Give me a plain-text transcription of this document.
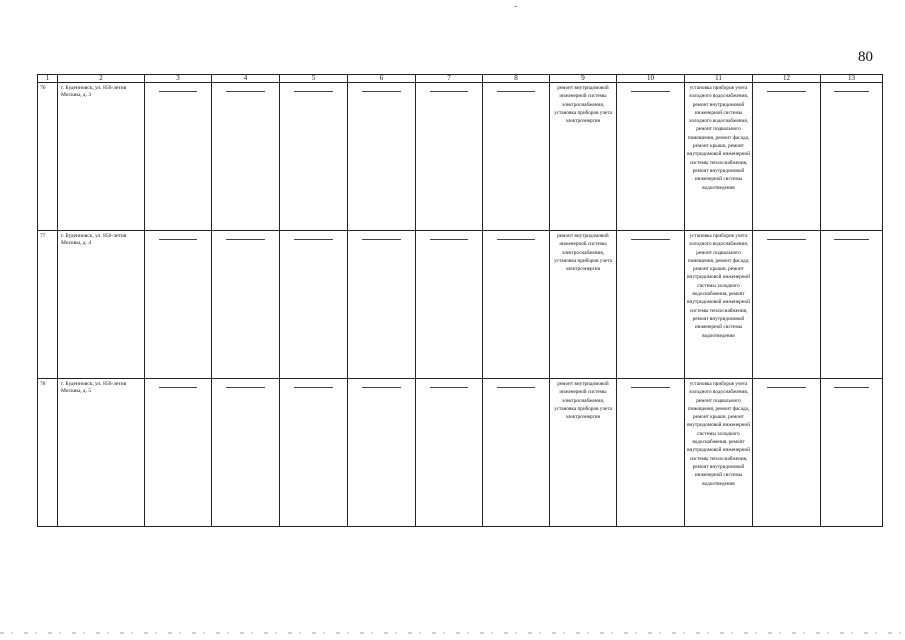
80
1	2	3	4	5	6	7	8	9	10	11	12	13
76	г. Буденновск, ул. 850-летия Москвы, д. 3							ремонт внутридомовой инженерной системы электроснабжения, установка приборов учета электроэнергии		установка приборов учета холодного водоснабжения, ремонт внутридомовой инженерной системы холодного водоснабжения, ремонт подвального помещения, ремонт фасада, ремонт крыши, ремонт внутридомовой инженерной системы теплоснабжения, ремонт внутридомовой инженерной системы водоотведения	

77	г. Буденновск, ул. 850-летия Москвы, д. 4							ремонт внутридомовой инженерной системы электроснабжения, установка приборов учета электроэнергии		установка приборов учета холодного водоснабжения, ремонт подвального помещения, ремонт фасада, ремонт крыши, ремонт внутридомовой инженерной системы холодного водоснабжения, ремонт внутридомовой инженерной системы теплоснабжения, ремонт внутридомовой инженерной системы водоотведения	

78	г. Буденновск, ул. 850-летия Москвы, д. 5							ремонт внутридомовой инженерной системы электроснабжения, установка приборов учета электроэнергии		установка приборов учета холодного водоснабжения, ремонт подвального помещения, ремонт фасада, ремонт крыши, ремонт внутридомовой инженерной системы холодного водоснабжения, ремонт внутридомовой инженерной системы теплоснабжения, ремонт внутридомовой инженерной системы водоотведения	
